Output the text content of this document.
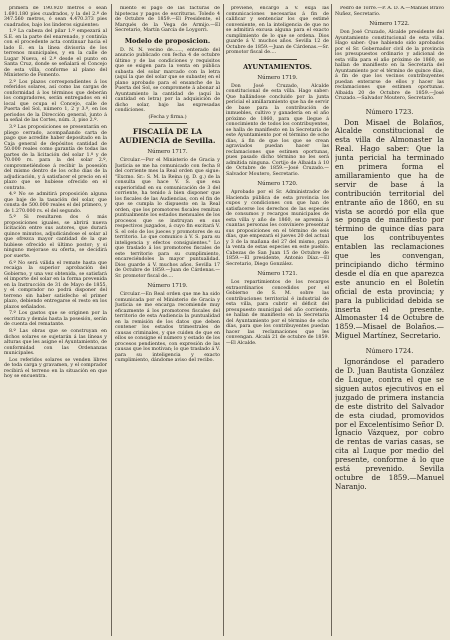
primera de 190.920 metros ó sean 1.691.180 pies cuadrados, y la del 2.º de 347.560 metros, ó sean 4.470.373 pies cuadrados, bajo los linderos siguientes:

1.º La cabeza del pilar 1.º empezará al S.E. en la parte del enarenado, y continúa con el procedente acta continuar hacia el lado E. en la línea divisoria de los terrenos municipales, y en la calle de Lugar Nueva, el 2.º desde el punto en Santa Cruz, donde se señalará el Concejo de esta villa, conforme al plano del Ministerio de Fomento.

2.º Los plazos correspondientes á los referidos solares, así como las cargas de conformidad á los términos que deberán los compradores, serán entregados en el local que ocupa el Concejo, calle de Puerta del Sol, número 1, 2 y 3.º, en los periodos de la Dirección general, junto á la señal de las Cortes, núm. 3, piso 2.º.

3.º Las proposiciones se presentarán en pliego cerrado, acompañando carta de pago que acredite haber depositado en la Caja general de depósitos cantidad de 50.000 reales como garantía de todas las partes de la licitación del solar 1.º y de 70.000 rs. para la del solar 2.º, comprometiéndose á recibir la posesión del mismo dentro de los ocho días de la adjudicación, y á satisfacer el precio en el plazo que se hubiese ofrecido en el contrato.

4.º No se admitirá proposición alguna que baje de la tasación del solar, que consta de 500.000 reales el del primero, y de 1.270.000 rs. el del segundo.

5.º Si resultaren dos ó más proposiciones iguales, se abrirá nueva licitación entre sus autores, que durará quince minutos, adjudicándose el solar al que ofrezca mayor cantidad de la que hubiese ofrecido el último postor; y si ninguno mejorase su oferta, se decidirá por suerte.

6.º No será válida el remate hasta que recaiga la superior aprobación del Gobierno, y una vez obtenida, se satisfará el importe del solar en la forma prevenida en la Instrucción de 31 de Mayo de 1855, y el comprador no podrá disponer del terreno sin haber satisfecho el primer plazo, debiendo entregarse el resto en los plazos señalados.

7.º Los gastos que se originen por la escritura y demás hasta la posesión, serán de cuenta del rematante.

8.º Las obras que se construyan en dichos solares se sujetarán á las líneas y alturas que les asigne el Ayuntamiento, de conformidad con las Ordenanzas municipales.

Los referidos solares se venden libres de toda carga y gravamen, y el comprador recibirá el terreno en la situación en que hoy se encuentra.

miento el pago de las facturas de hipotecas y pagos de escrituras. Toledo 4 de Octubre de 1859.—El Presidente, el Marqués de la Vega de Armijo.—El Secretario, Martín García de Loygorri.

Modelo de proposicion.

D. N. N. vecino de......, enterado del anuncio publicado con fecha 4 de octubre último y de las condiciones y requisitos que se exigen para la venta en pública subasta del solar marcado con la letra (aquí la que del solar que se subaste) en el plano aprobado para el ensanche de la Puerta del Sol, se compromete á abonar al Ayuntamiento la cantidad de (aquí la cantidad en letra) por la adquisición de dicho solar, bajo las expresadas condiciones.

(Fecha y firma.)

FISCALÍA DE LA AUDIENCIA de Sevilla.
Número 1717.

Circular.—Por el Ministerio de Gracia y Justicia se me ha comunicado con fecha 8 del corriente mes la Real orden que sigue: "Excmo. Sr.: S. M. la Reina (q. D. g.) de la consulta que hace V. S. que esa superioridad en su comunicación de 3 del corriente, ha tenido á bien disponer que los fiscales de las Audiencias, con el fin de que se cumpla lo dispuesto en la Real orden, que los promotores fiscales remitan puntualmente los estados mensuales de los procesos que se instruyan en sus respectivos juzgados, á cuyo fin excitará V. S. el celo de los jueces y promotores de su territorio. Lo que comunico á V. S. para su inteligencia y efectos consiguientes." Lo que traslado á los promotores fiscales de este territorio para su cumplimiento, encareciéndoles la mayor puntualidad. Dios guarde á V. muchos años. Sevilla 17 de Octubre de 1859.—Juan de Cárdenas.—Sr. promotor fiscal de....

Número 1719.

Circular.—En Real orden que me ha sido comunicada por el Ministerio de Gracia y Justicia se me encarga recomiende muy eficazmente á los promotores fiscales del territorio de esta Audiencia la puntualidad en la remisión de los datos que deben contener los estados trimestrales de causas criminales, y que cuiden de que en ellos se consigne el número y estado de los procesos pendientes, con expresión de las causas que los motivan; lo que traslado á V. para su inteligencia y exacto cumplimiento, dándome aviso del recibo.

previene, encargo á V. exija las comunicaciones necesarias á fin de calificar y sentenciar los que estimé conveniente, en la inteligencia de que no se admitirá excusa alguna para el exacto cumplimiento de lo que se ordena. Dios guarde á V. muchos años. Sevilla 12 de Octubre de 1859.—Juan de Cárdenas.—Sr. promotor fiscal de....

AYUNTAMIENTOS.
Número 1719.

Don José Cruzado, Alcalde constitucional de esta villa. Hago saber: Que hallándose concluido por la junta pericial el amillaramiento que ha de servir de base para la contribución de inmuebles, cultivo y ganadería en el año próximo de 1860, para que llegue á conocimiento de todos los contribuyentes, se halla de manifiesto en la Secretaría de este Ayuntamiento por el término de ocho días, á fin de que los que se crean agraviados puedan hacer las reclamaciones que estimen oportunas, pues pasado dicho término no les será admitida ninguna. Cortijo de Albaida á 10 de Octubre de 1859.—José Cruzado.—Salvador Moutero, Secretario.

Número 1720.

Aprobado por el Sr. Administrador de Hacienda pública de esta provincia los cupos y condiciones con que han de satisfacerse los derechos de las especies de consumos y recargos municipales de esta villa y año de 1860, se apremia á cuantas personas les conviniere presentar sus proposiciones en el término de seis días, que empezará el jueves 20 del actual y 3 de la mañana del 27 del mismo, para la venta de estas especies en este pueblo. Cabezas de San Juan 15 de Octubre de 1859.—El presidente, Antonio Díaz.—El Secretario, Diego González.

Número 1721.

Los repartimientos de los recargos extraordinarios concedidos por el Gobierno de S. M. sobre las contribuciones territorial é industrial de esta villa, para cubrir el déficit del presupuesto municipal del año corriente, se hallan de manifiesto en la Secretaría del Ayuntamiento por el término de ocho días, para que los contribuyentes puedan hacer las reclamaciones que les convengan. Alcalá 21 de octubre de 1859.—El Alcalde.

Pedro de Torre.—P. A. D. A.—Manuel Bravo Nuñez, Secretario.

Número 1722.

Don José Cruzado, Alcalde presidente del Ayuntamiento constitucional de esta villa. Hago saber: Que habiendo sido aprobados por el Sr. Gobernador civil de la provincia los presupuestos ordinario y adicional de esta villa para el año próximo de 1860, se hallan de manifiesto en la Secretaría del Ayuntamiento por el término de quince días, á fin de que los vecinos contribuyentes puedan enterarse de ellos y hacer las reclamaciones que estimen oportunas. Albaida 20 de Octubre de 1859.—José Cruzado.—Salvador Moutero, Secretario.

Número 1723.

Don Misael de Bolaños, Alcalde constitucional de esta villa de Almonaster la Real. Hago saber: Que la junta pericial ha terminado en primera forma el amillaramiento que ha de servir de base á la contribución territorial del entrante año de 1860, en su vista se acordó por ella que se ponga de manifiesto por término de quince días para que los contribuyentes entablen las reclamaciones que les convengan, principiando dicho término desde el día en que aparezca este anuncio en el Boletín oficial de esta provincia; y para la publicidad debida se inserta el presente. Almonaster 14 de Octubre de 1859.—Misael de Bolaños.—Miguel Martínez, Secretario.

Número 1724.

Ignorándose el paradero de D. Juan Bautista González de Luque, contra el que se siguen autos ejecutivos en el juzgado de primera instancia de este distrito del Salvador de esta ciudad, promovidos por el Excelentísimo Señor D. Ignacio Vázquez, por cobro de rentas de varias casas, se cita al Luque por medio del presente, conforme á lo que está prevenido. Sevilla octubre de 1859.—Manuel Naranjo.
